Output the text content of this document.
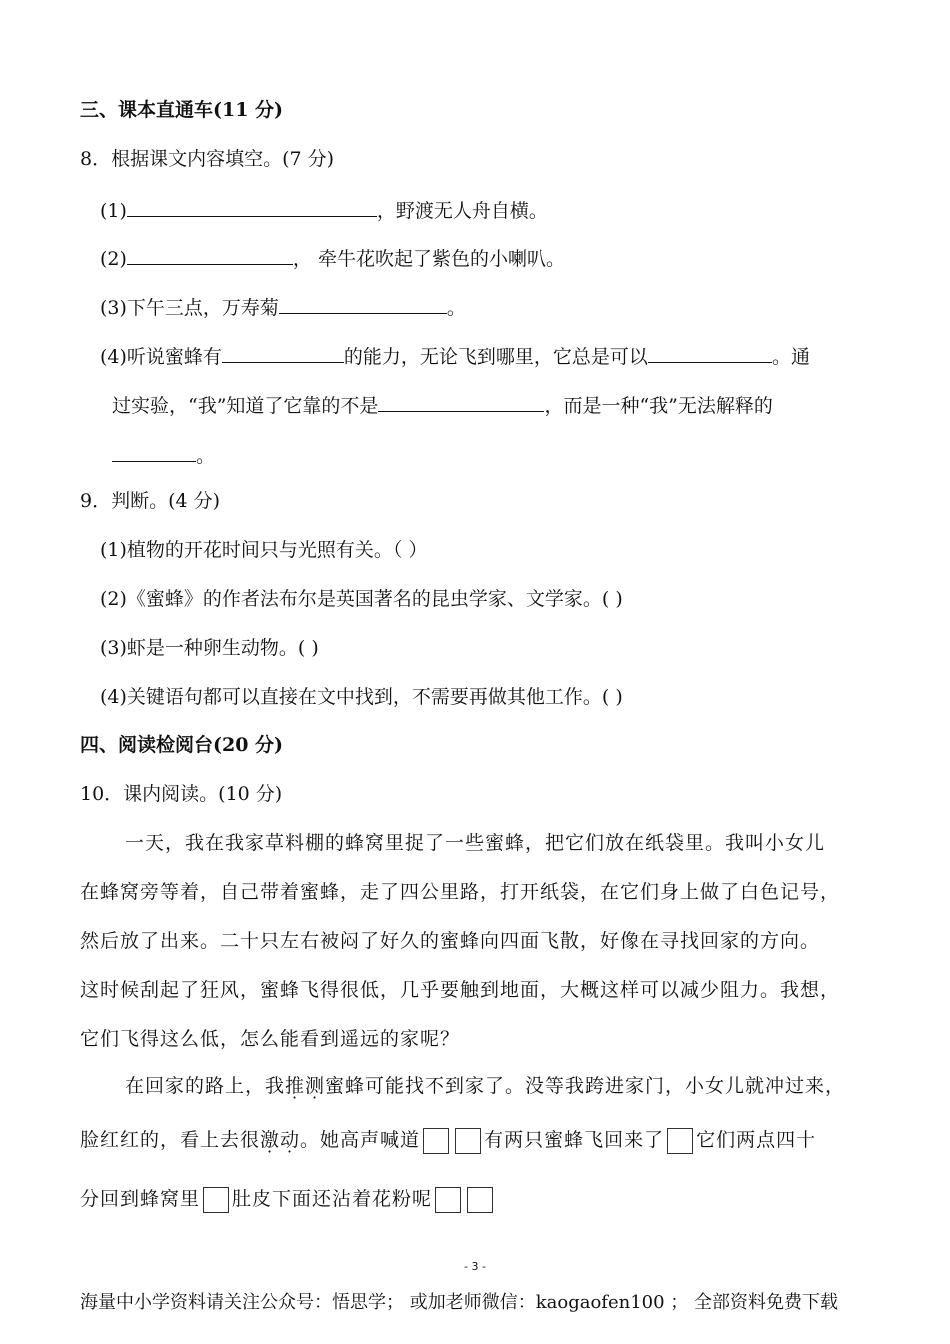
三、课本直通车(11 分)
8．根据课文内容填空。(7 分)
(1)	，野渡无人舟自横。
(2)	， 牵牛花吹起了紫色的小喇叭。
(3)下午三点，万寿菊	。
(4)听说蜜蜂有	的能力，无论飞到哪里，它总是可以	。通
过实验，“我”知道了它靠的不是	，而是一种“我”无法解释的
。
9．判断。(4 分)
(1)植物的开花时间只与光照有关。（ ）
(2)《蜜蜂》的作者法布尔是英国著名的昆虫学家、文学家。( )
(3)虾是一种卵生动物。( )
(4)关键语句都可以直接在文中找到，不需要再做其他工作。( )
四、阅读检阅台(20 分)
10．课内阅读。(10 分)
一天，我在我家草料棚的蜂窝里捉了一些蜜蜂，把它们放在纸袋里。我叫小女儿
在蜂窝旁等着，自己带着蜜蜂，走了四公里路，打开纸袋，在它们身上做了白色记号，
然后放了出来。二十只左右被闷了好久的蜜蜂向四面飞散，好像在寻找回家的方向。
这时候刮起了狂风，蜜蜂飞得很低，几乎要触到地面，大概这样可以减少阻力。我想，
它们飞得这么低，怎么能看到遥远的家呢？
在回家的路上，我推测蜜蜂可能找不到家了。没等我跨进家门，小女儿就冲过来，
脸红红的，看上去很激动。她高声喊道	有两只蜜蜂飞回来了 它们两点四十
分回到蜂窝里 肚皮下面还沾着花粉呢
- 3 -
海量中小学资料请关注公众号：悟思学； 或加老师微信：kaogaofen100 ； 全部资料免费下载
